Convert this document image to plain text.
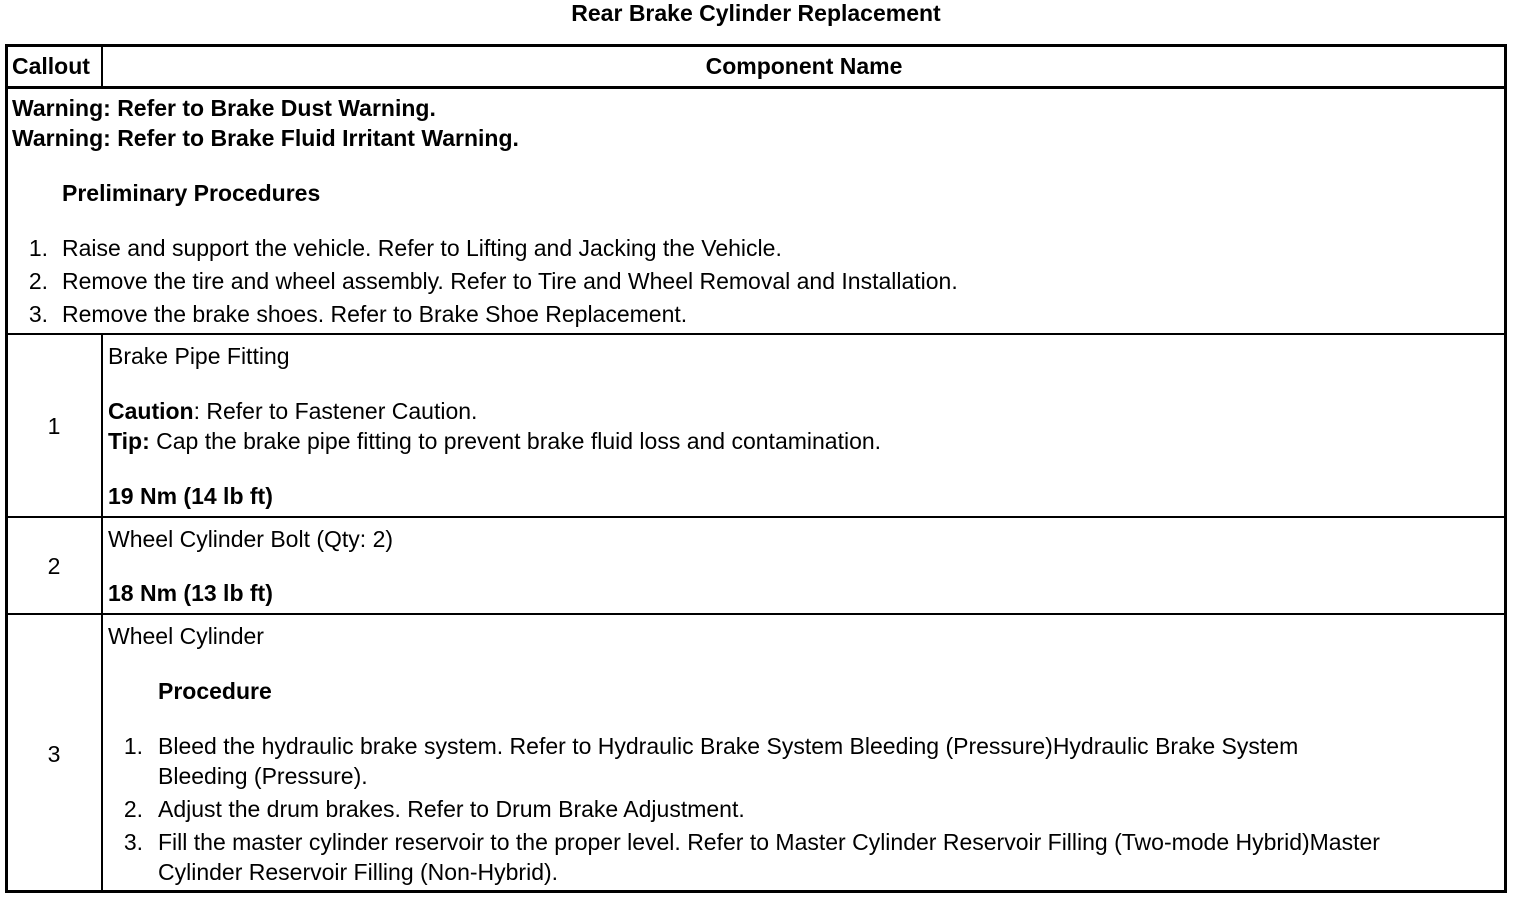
Rear Brake Cylinder Replacement
Callout	Component Name
Warning: Refer to Brake Dust Warning.
Warning: Refer to Brake Fluid Irritant Warning.
Preliminary Procedures
1. Raise and support the vehicle. Refer to Lifting and Jacking the Vehicle.
2. Remove the tire and wheel assembly. Refer to Tire and Wheel Removal and Installation.
3. Remove the brake shoes. Refer to Brake Shoe Replacement.
1
Brake Pipe Fitting
Caution: Refer to Fastener Caution.
Tip: Cap the brake pipe fitting to prevent brake fluid loss and contamination.
19 Nm (14 lb ft)
2
Wheel Cylinder Bolt (Qty: 2)
18 Nm (13 lb ft)
3
Wheel Cylinder
Procedure
1. Bleed the hydraulic brake system. Refer to Hydraulic Brake System Bleeding (Pressure)Hydraulic Brake System
Bleeding (Pressure).
2. Adjust the drum brakes. Refer to Drum Brake Adjustment.
3. Fill the master cylinder reservoir to the proper level. Refer to Master Cylinder Reservoir Filling (Two-mode Hybrid)Master
Cylinder Reservoir Filling (Non-Hybrid).
